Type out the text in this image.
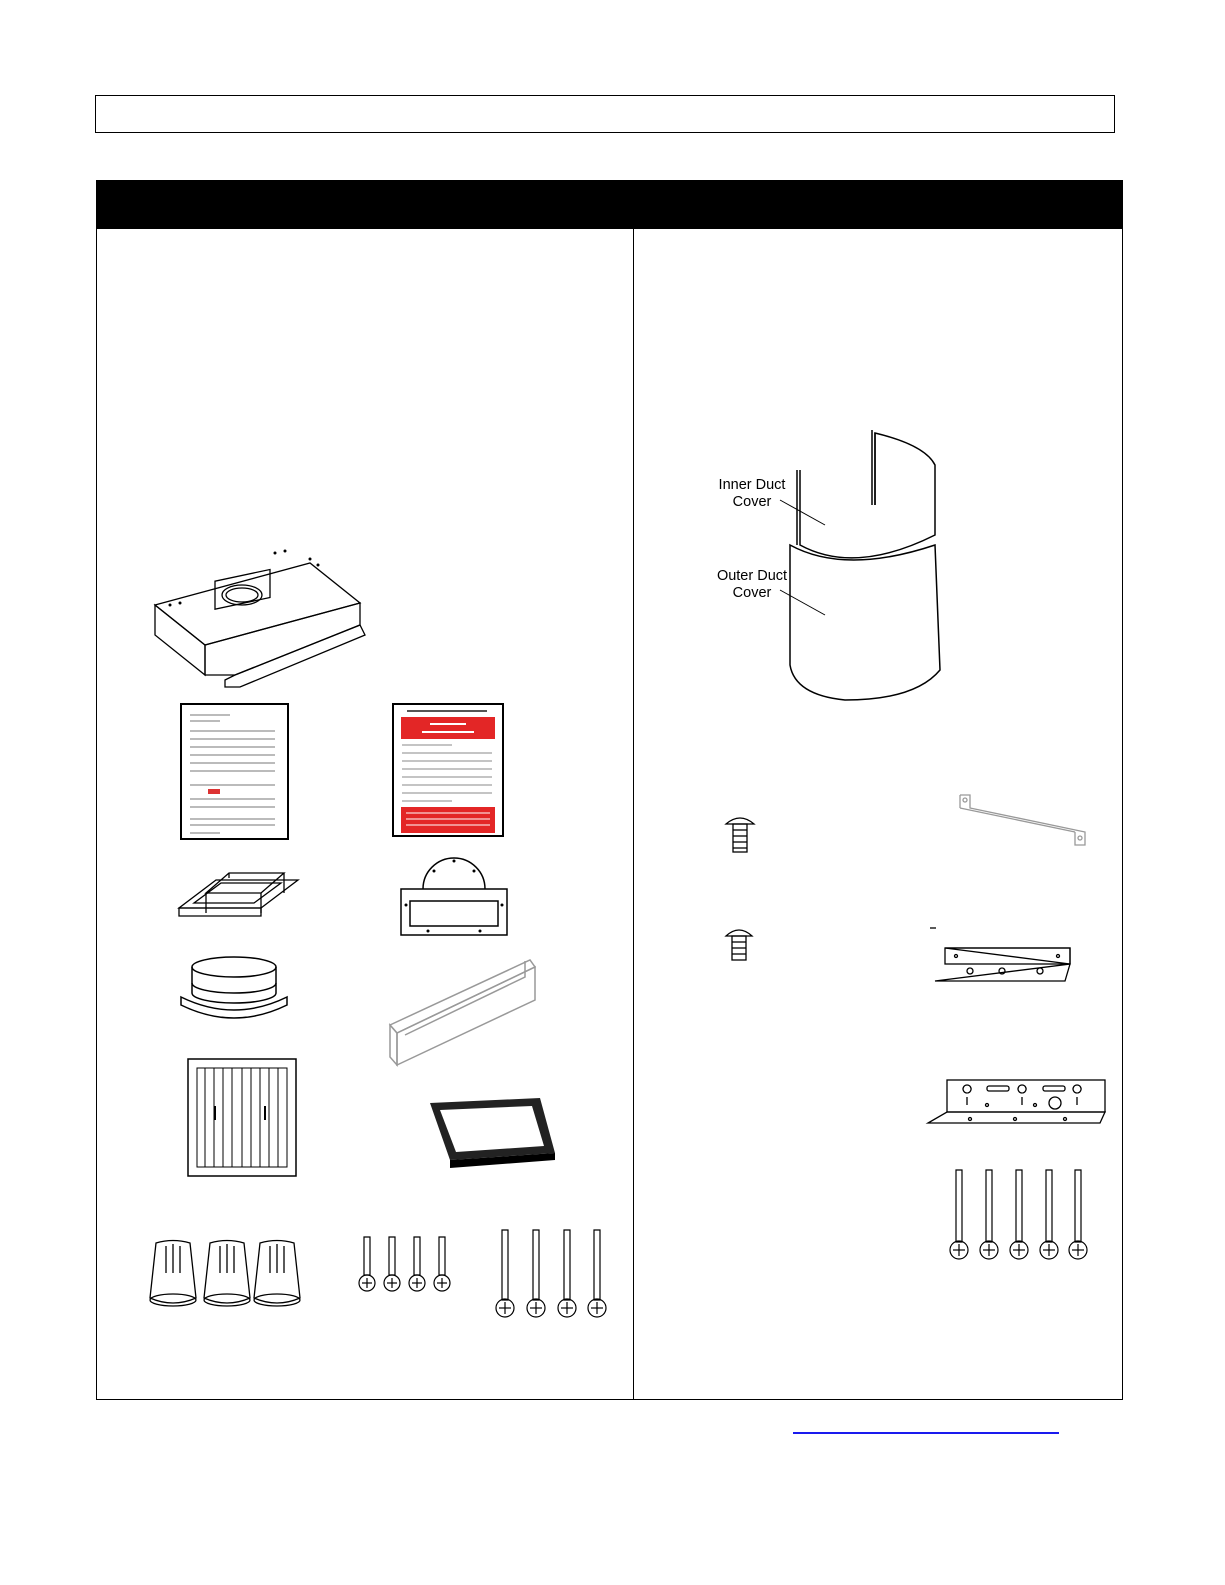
Inner Duct
Cover
Outer Duct
Cover
